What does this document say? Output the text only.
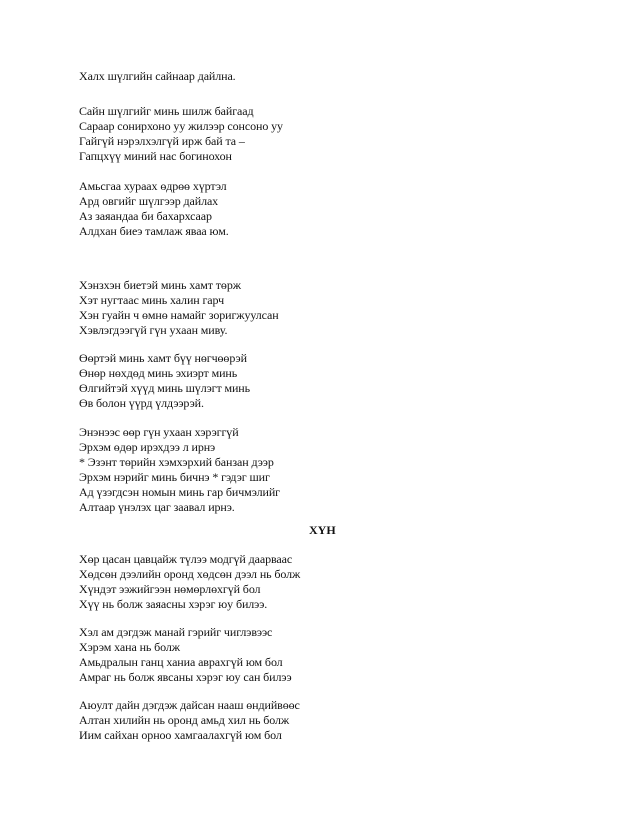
Халх шүлгийн сайнаар дайлна.
Сайн шүлгийг минь шилж байгаад
Сараар сонирхоно уу жилээр сонсоно уу
Гайгүй нэрэлхэлгүй ирж бай та –
Гапцхүү миний нас богинохон
Амьсгаа хураах өдрөө хүртэл
Ард овгийг шүлгээр дайлах
Аз заяандаа би бахархсаар
Алдхан биеэ тамлаж яваа юм.
Хэнзхэн биетэй минь хамт төрж
Хэт нугтаас минь халин гарч
Хэн гуайн ч өмнө намайг зоригжуулсан
Хэвлэгдээгүй гүн ухаан миву.
Өөртэй минь хамт бүү нөгчөөрэй
Өнөр нөхдөд минь эхиэрт минь
Өлгийтэй хүүд минь шүлэгт минь
Өв болон үүрд үлдээрэй.
Энэнээс өөр гүн ухаан хэрэггүй
Эрхэм өдөр ирэхдээ л ирнэ
* Эзэнт төрийн хэмхэрхий банзан дээр
Эрхэм нэрийг минь бичнэ * гэдэг шиг
Ад үзэгдсэн номын минь гар бичмэлийг
Алтаар үнэлэх цаг заавал ирнэ.
ХҮН
Хөр цасан цавцайж түлээ модгүй даарваас
Хөдсөн дээлийн оронд хөдсөн дээл нь болж
Хүндэт ээжийгээн нөмөрлөхгүй бол
Хүү нь болж заяасны хэрэг юу билээ.
Хэл ам дэгдэж манай гэрийг чиглэвээс
Хэрэм хана нь болж
Амьдралын ганц ханиа аврахгүй юм бол
Амраг нь болж явсаны хэрэг юу сан билээ
Аюулт дайн дэгдэж дайсан нааш өндийвөөс
Алтан хилийн нь оронд амьд хил нь болж
Иим сайхан орноо хамгаалахгүй юм бол
